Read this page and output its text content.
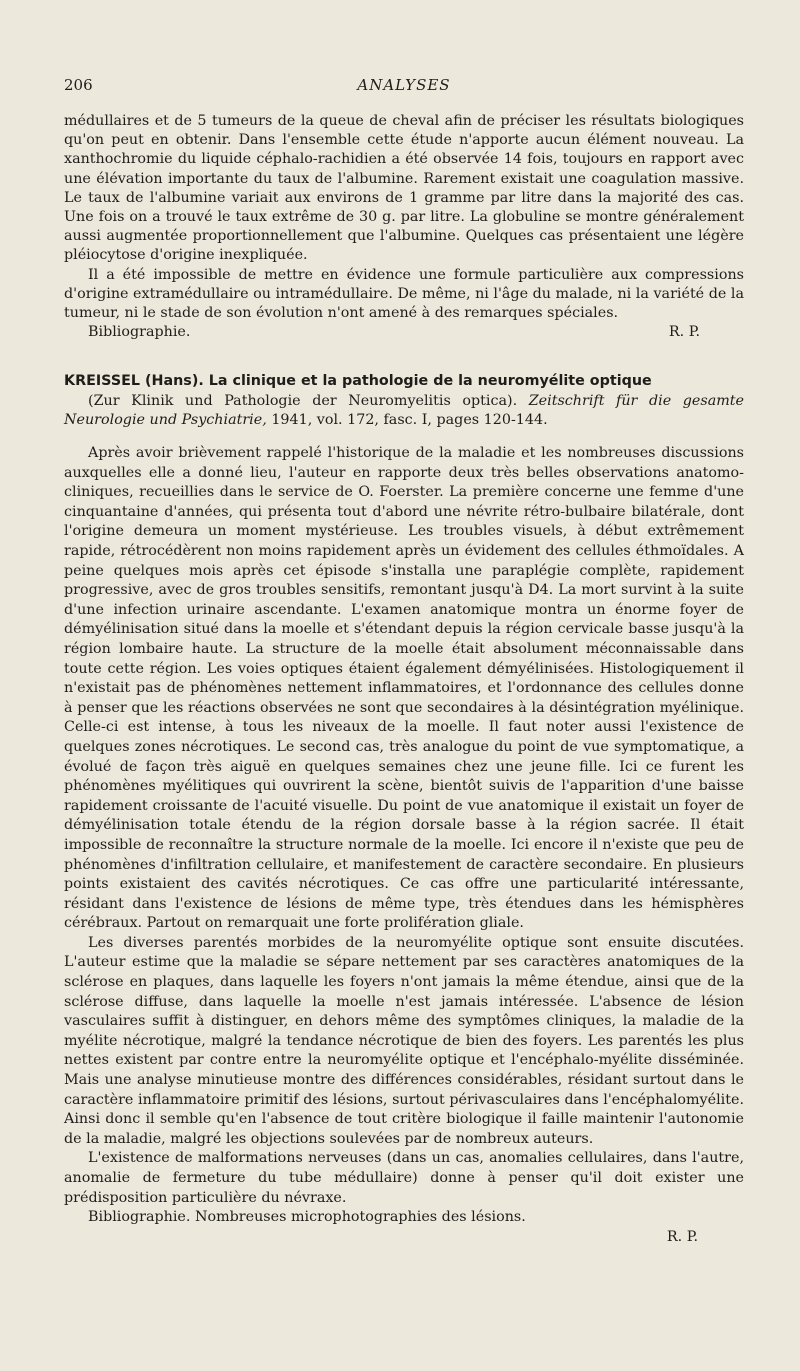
206	ANALYSES

médullaires et de 5 tumeurs de la queue de cheval afin de préciser les résultats biologiques qu'on peut en obtenir. Dans l'ensemble cette étude n'apporte aucun élément nouveau. La xanthochromie du liquide céphalo-rachidien a été observée 14 fois, toujours en rapport avec une élévation importante du taux de l'albumine. Rarement existait une coagulation massive. Le taux de l'albumine variait aux environs de 1 gramme par litre dans la majorité des cas. Une fois on a trouvé le taux extrême de 30 g. par litre. La globuline se montre généralement aussi augmentée proportionnellement que l'albumine. Quelques cas présentaient une légère pléiocytose d'origine inexpliquée.

Il a été impossible de mettre en évidence une formule particulière aux compressions d'origine extramédullaire ou intramédullaire. De même, ni l'âge du malade, ni la variété de la tumeur, ni le stade de son évolution n'ont amené à des remarques spéciales.

Bibliographie.	R. P.
KREISSEL (Hans). La clinique et la pathologie de la neuromyélite optique
(Zur Klinik und Pathologie der Neuromyelitis optica). Zeitschrift für die gesamte Neurologie und Psychiatrie, 1941, vol. 172, fasc. I, pages 120-144.

Après avoir brièvement rappelé l'historique de la maladie et les nombreuses discussions auxquelles elle a donné lieu, l'auteur en rapporte deux très belles observations anatomo-cliniques, recueillies dans le service de O. Foerster. La première concerne une femme d'une cinquantaine d'années, qui présenta tout d'abord une névrite rétro-bulbaire bilatérale, dont l'origine demeura un moment mystérieuse. Les troubles visuels, à début extrêmement rapide, rétrocédèrent non moins rapidement après un évidement des cellules éthmoïdales. A peine quelques mois après cet épisode s'installa une paraplégie complète, rapidement progressive, avec de gros troubles sensitifs, remontant jusqu'à D4. La mort survint à la suite d'une infection urinaire ascendante. L'examen anatomique montra un énorme foyer de démyélinisation situé dans la moelle et s'étendant depuis la région cervicale basse jusqu'à la région lombaire haute. La structure de la moelle était absolument méconnaissable dans toute cette région. Les voies optiques étaient également démyélinisées. Histologiquement il n'existait pas de phénomènes nettement inflammatoires, et l'ordonnance des cellules donne à penser que les réactions observées ne sont que secondaires à la désintégration myélinique. Celle-ci est intense, à tous les niveaux de la moelle. Il faut noter aussi l'existence de quelques zones nécrotiques. Le second cas, très analogue du point de vue symptomatique, a évolué de façon très aiguë en quelques semaines chez une jeune fille. Ici ce furent les phénomènes myélitiques qui ouvrirent la scène, bientôt suivis de l'apparition d'une baisse rapidement croissante de l'acuité visuelle. Du point de vue anatomique il existait un foyer de démyélinisation totale étendu de la région dorsale basse à la région sacrée. Il était impossible de reconnaître la structure normale de la moelle. Ici encore il n'existe que peu de phénomènes d'infiltration cellulaire, et manifestement de caractère secondaire. En plusieurs points existaient des cavités nécrotiques. Ce cas offre une particularité intéressante, résidant dans l'existence de lésions de même type, très étendues dans les hémisphères cérébraux. Partout on remarquait une forte prolifération gliale.

Les diverses parentés morbides de la neuromyélite optique sont ensuite discutées. L'auteur estime que la maladie se sépare nettement par ses caractères anatomiques de la sclérose en plaques, dans laquelle les foyers n'ont jamais la même étendue, ainsi que de la sclérose diffuse, dans laquelle la moelle n'est jamais intéressée. L'absence de lésion vasculaires suffit à distinguer, en dehors même des symptômes cliniques, la maladie de la myélite nécrotique, malgré la tendance nécrotique de bien des foyers. Les parentés les plus nettes existent par contre entre la neuromyélite optique et l'encéphalo-myélite disséminée. Mais une analyse minutieuse montre des différences considérables, résidant surtout dans le caractère inflammatoire primitif des lésions, surtout périvasculaires dans l'encéphalomyélite. Ainsi donc il semble qu'en l'absence de tout critère biologique il faille maintenir l'autonomie de la maladie, malgré les objections soulevées par de nombreux auteurs.

L'existence de malformations nerveuses (dans un cas, anomalies cellulaires, dans l'autre, anomalie de fermeture du tube médullaire) donne à penser qu'il doit exister une prédisposition particulière du névraxe.

Bibliographie. Nombreuses microphotographies des lésions.

R. P.
